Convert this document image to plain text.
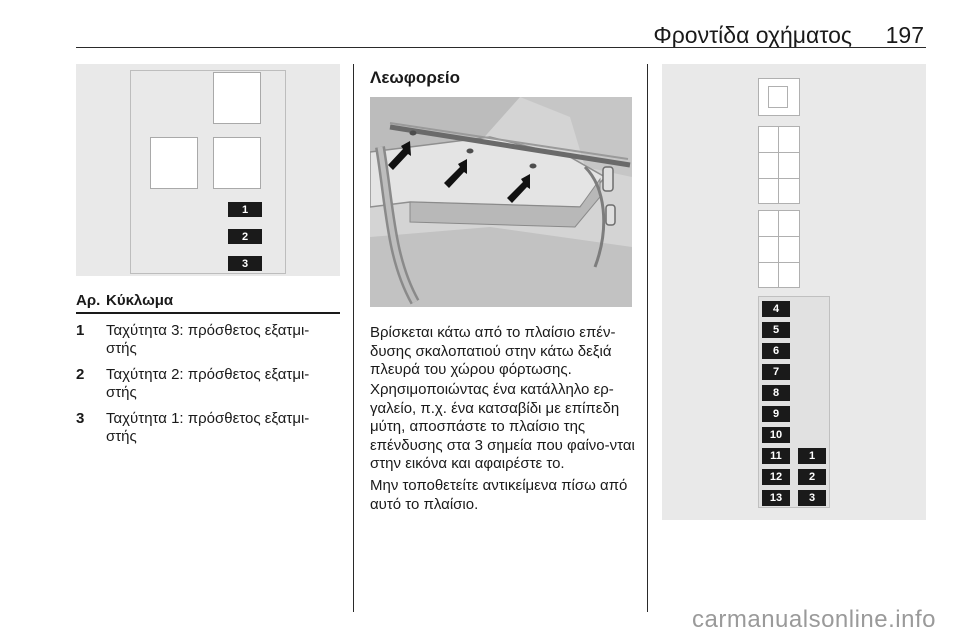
Φροντίδα οχήματος 197
1
2
3
Αρ. Κύκλωμα
1 Ταχύτητα 3: πρόσθετος εξατμι-στής
2 Ταχύτητα 2: πρόσθετος εξατμι-στής
3 Ταχύτητα 1: πρόσθετος εξατμι-στής
Λεωφορείο
Βρίσκεται κάτω από το πλαίσιο επέν-δυσης σκαλοπατιού στην κάτω δεξιά πλευρά του χώρου φόρτωσης.
Χρησιμοποιώντας ένα κατάλληλο ερ-γαλείο, π.χ. ένα κατσαβίδι με επίπεδη μύτη, αποσπάστε το πλαίσιο της επένδυσης στα 3 σημεία που φαίνο-νται στην εικόνα και αφαιρέστε το.
Μην τοποθετείτε αντικείμενα πίσω από αυτό το πλαίσιο.
4
5
6
7
8
9
10
11
12
13
1
2
3
carmanualsonline.info
